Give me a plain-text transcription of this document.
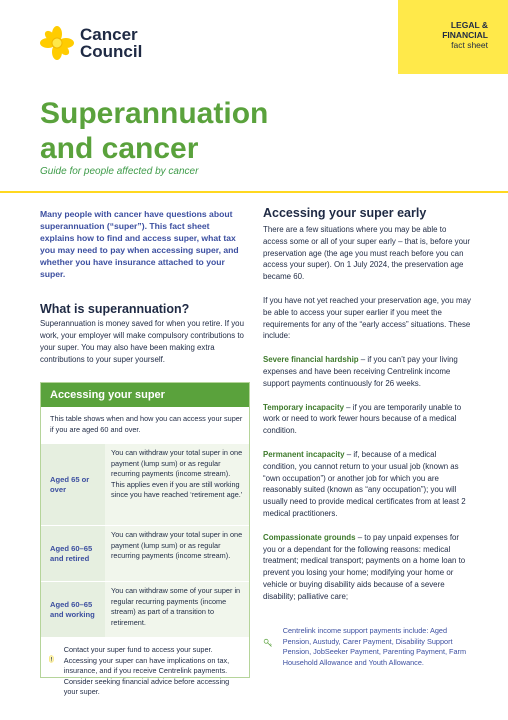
Cancer
Council
LEGAL &
FINANCIAL
fact sheet
Superannuation
and cancer
Guide for people affected by cancer
Many people with cancer have questions about superannuation (“super”). This fact sheet explains how to find and access super, what tax you may need to pay when accessing super, and whether you have insurance attached to your super.
What is superannuation?
Superannuation is money saved for when you retire. If you work, your employer will make compulsory contributions to your super. You may also have been making extra contributions to your super yourself.
Accessing your super
This table shows when and how you can access your super if you are aged 60 and over.
Aged 65 or over
You can withdraw your total super in one payment (lump sum) or as regular recurring payments (income stream). This applies even if you are still working since you have reached ‘retirement age.’
Aged 60–65 and retired
You can withdraw your total super in one payment (lump sum) or as regular recurring payments (income stream).
Aged 60–65 and working
You can withdraw some of your super in regular recurring payments (income stream) as part of a transition to retirement.
Contact your super fund to access your super. Accessing your super can have implications on tax, insurance, and if you receive Centrelink payments. Consider seeking financial advice before accessing your super.
Accessing your super early

There are a few situations where you may be able to access some or all of your super early – that is, before your preservation age (the age you must reach before you can access your super). On 1 July 2024, the preservation age became 60.

If you have not yet reached your preservation age, you may be able to access your super earlier if you meet the requirements for any of the “early access” situations. These include:

Severe financial hardship – if you can’t pay your living expenses and have been receiving Centrelink income support payments continuously for 26 weeks.

Temporary incapacity – if you are temporarily unable to work or need to work fewer hours because of a medical condition.

Permanent incapacity – if, because of a medical condition, you cannot return to your usual job (known as “own occupation”) or another job for which you are reasonably suited (known as “any occupation”); you will usually need to provide medical certificates from at least 2 medical practitioners.

Compassionate grounds – to pay unpaid expenses for you or a dependant for the following reasons: medical treatment; medical transport; payments on a home loan to prevent you losing your home; modifying your home or vehicle or buying disability aids because of a severe disability; palliative care;

Centrelink income support payments include: Aged Pension, Austudy, Carer Payment, Disability Support Pension, JobSeeker Payment, Parenting Payment, Farm Household Allowance and Youth Allowance.
